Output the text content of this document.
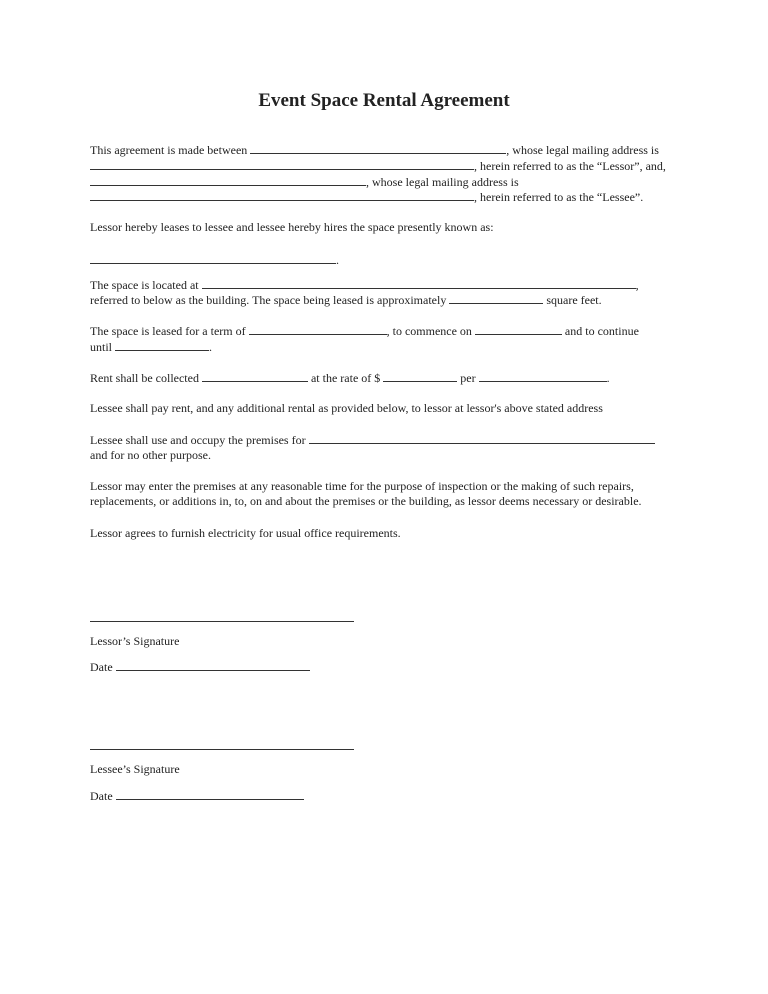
Event Space Rental Agreement
This agreement is made between	, whose legal mailing address is
, herein referred to as the “Lessor”, and,
, whose legal mailing address is
, herein referred to as the “Lessee”.
Lessor hereby leases to lessee and lessee hereby hires the space presently known as:
.
The space is located at	,
referred to below as the building. The space being leased is approximately	square feet.
The space is leased for a term of	, to commence on	and to continue
until	.
Rent shall be collected	at the rate of $	per	.
Lessee shall pay rent, and any additional rental as provided below, to lessor at lessor's above stated address
Lessee shall use and occupy the premises for
and for no other purpose.
Lessor may enter the premises at any reasonable time for the purpose of inspection or the making of such repairs,
replacements, or additions in, to, on and about the premises or the building, as lessor deems necessary or desirable.
Lessor agrees to furnish electricity for usual office requirements.
Lessor’s Signature
Date
Lessee’s Signature
Date
